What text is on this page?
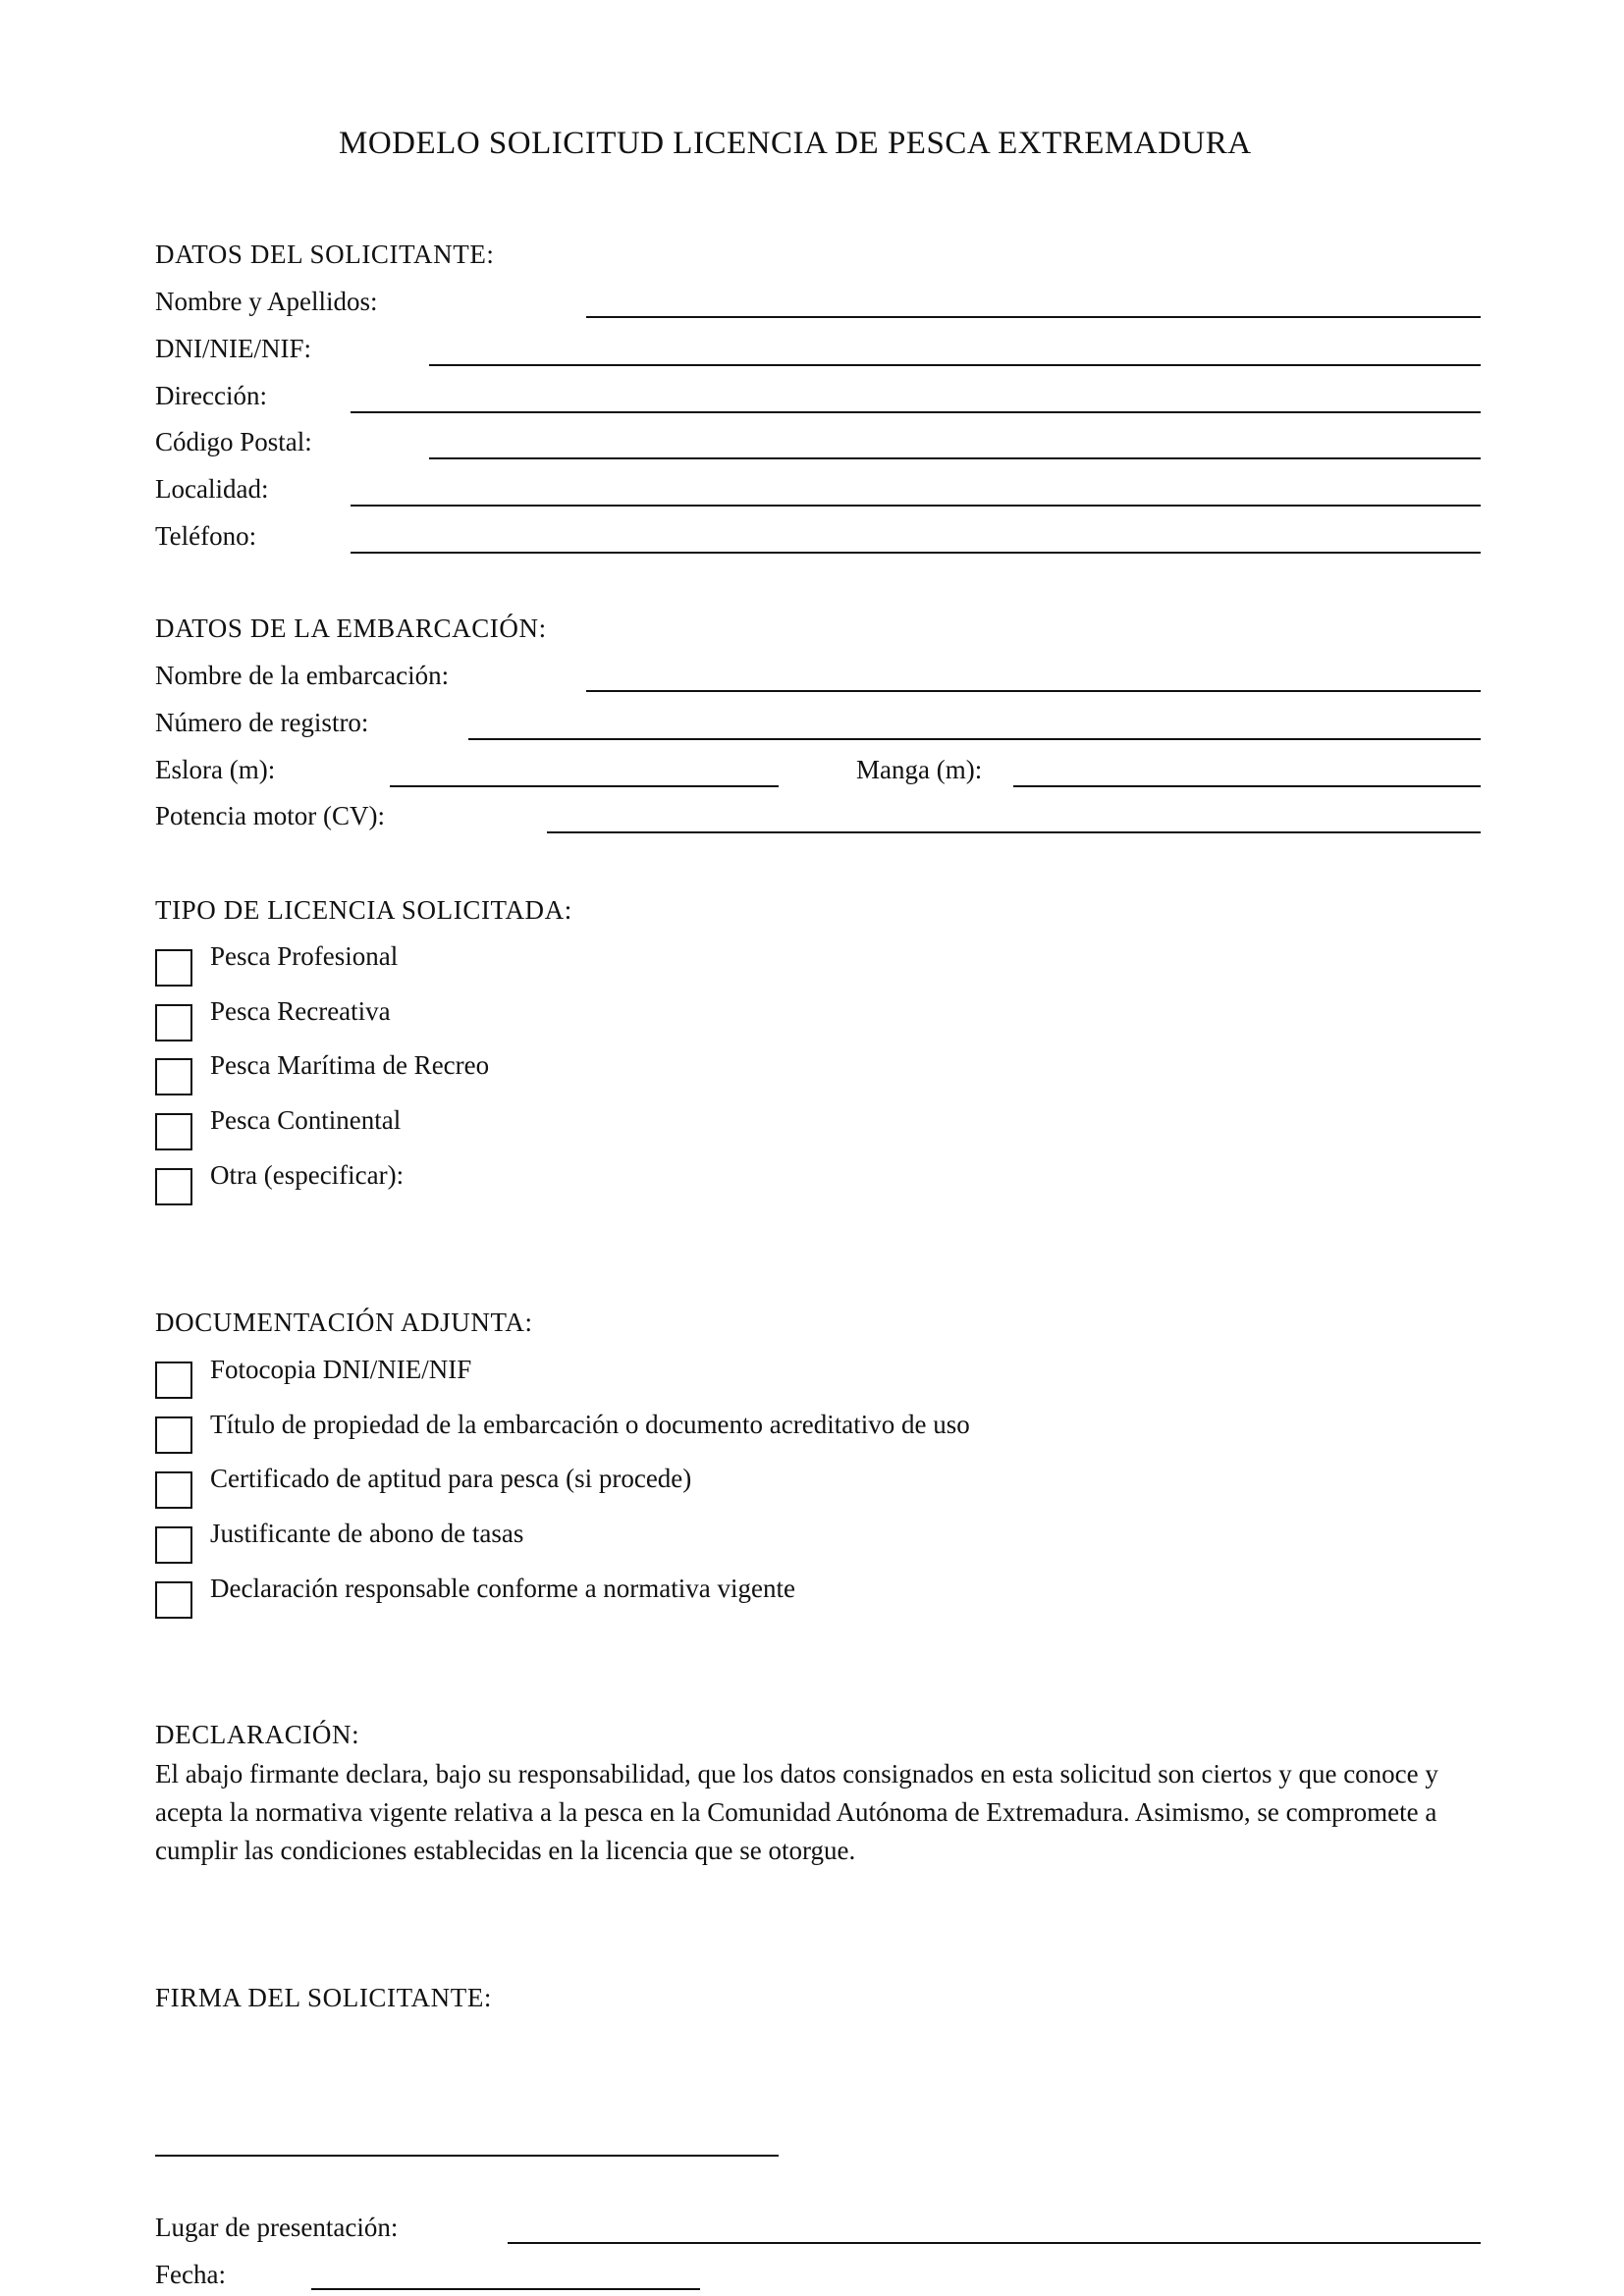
MODELO SOLICITUD LICENCIA DE PESCA EXTREMADURA
DATOS DEL SOLICITANTE:
Nombre y Apellidos:
DNI/NIE/NIF:
Dirección:
Código Postal:
Localidad:
Teléfono:
DATOS DE LA EMBARCACIÓN:
Nombre de la embarcación:
Número de registro:
Eslora (m):	Manga (m):
Potencia motor (CV):
TIPO DE LICENCIA SOLICITADA:
Pesca Profesional
Pesca Recreativa
Pesca Marítima de Recreo
Pesca Continental
Otra (especificar):
DOCUMENTACIÓN ADJUNTA:
Fotocopia DNI/NIE/NIF
Título de propiedad de la embarcación o documento acreditativo de uso
Certificado de aptitud para pesca (si procede)
Justificante de abono de tasas
Declaración responsable conforme a normativa vigente
DECLARACIÓN:
El abajo firmante declara, bajo su responsabilidad, que los datos consignados en esta solicitud son ciertos y que conoce y acepta la normativa vigente relativa a la pesca en la Comunidad Autónoma de Extremadura. Asimismo, se compromete a cumplir las condiciones establecidas en la licencia que se otorgue.
FIRMA DEL SOLICITANTE:
Lugar de presentación:
Fecha:
